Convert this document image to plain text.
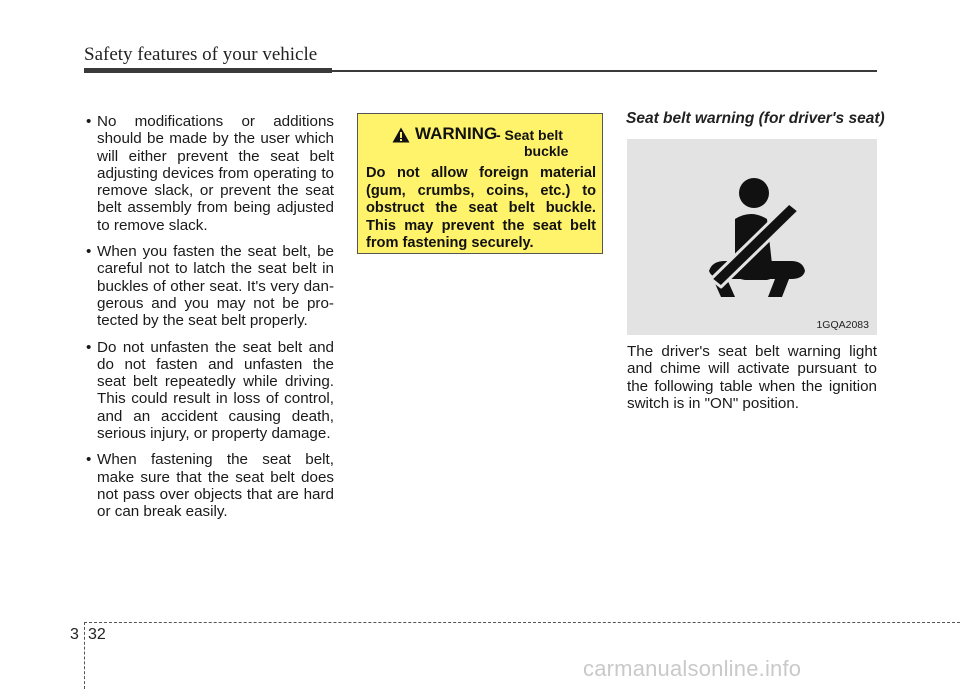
Safety features of your vehicle
• No modifications or additions should be made by the user which will either prevent the seat belt adjusting devices from operating to remove slack, or prevent the seat belt assembly from being adjusted to remove slack.
• When you fasten the seat belt, be careful not to latch the seat belt in buckles of other seat. It's very dan-gerous and you may not be pro-tected by the seat belt properly.
• Do not unfasten the seat belt and do not fasten and unfasten the seat belt repeatedly while driving. This could result in loss of control, and an accident causing death, serious injury, or property damage.
• When fastening the seat belt, make sure that the seat belt does not pass over objects that are hard or can break easily.
WARNING
- Seat belt
buckle
Do not allow foreign material (gum, crumbs, coins, etc.) to obstruct the seat belt buckle. This may prevent the seat belt from fastening securely.
Seat belt warning (for driver's seat)
1GQA2083
The driver's seat belt warning light and chime will activate pursuant to the following table when the ignition switch is in "ON" position.
3 32
carmanualsonline.info
